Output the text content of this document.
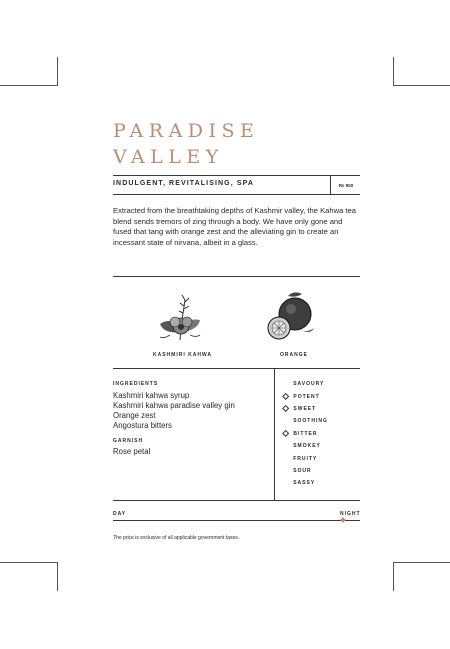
PARADISE
VALLEY
INDULGENT, REVITALISING, SPA	₨ 900
Extracted from the breathtaking depths of Kashmir valley, the Kahwa tea blend sends tremors of zing through a body. We have only gone and fused that tang with orange zest and the alleviating gin to create an incessant state of nirvana, albeit in a glass.
KASHMIRI KAHWA	ORANGE
INGREDIENTS
Kashmiri kahwa syrup
Kashmiri kahwa paradise valley gin
Orange zest
Angostura bitters
GARNISH
Rose petal
SAVOURY
POTENT
SWEET
SOOTHING
BITTER
SMOKEY
FRUITY
SOUR
SASSY
DAY	NIGHT
The price is exclusive of all applicable government taxes.
